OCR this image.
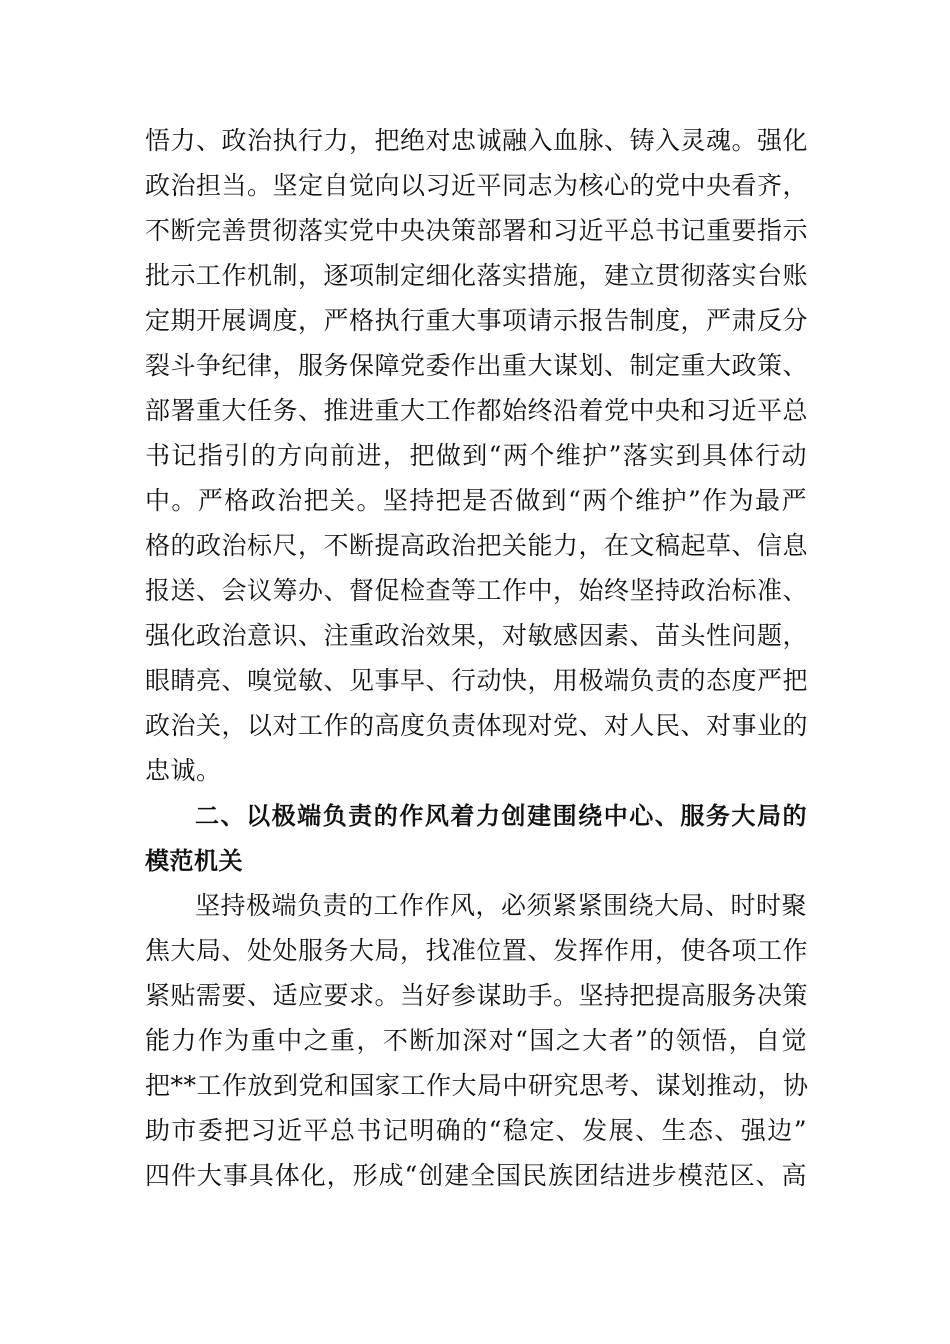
悟力、政治执行力，把绝对忠诚融入血脉、铸入灵魂。强化
政治担当。坚定自觉向以习近平同志为核心的党中央看齐，
不断完善贯彻落实党中央决策部署和习近平总书记重要指示
批示工作机制，逐项制定细化落实措施，建立贯彻落实台账
定期开展调度，严格执行重大事项请示报告制度，严肃反分
裂斗争纪律，服务保障党委作出重大谋划、制定重大政策、
部署重大任务、推进重大工作都始终沿着党中央和习近平总
书记指引的方向前进，把做到“两个维护”落实到具体行动
中。严格政治把关。坚持把是否做到“两个维护”作为最严
格的政治标尺，不断提高政治把关能力，在文稿起草、信息
报送、会议筹办、督促检查等工作中，始终坚持政治标准、
强化政治意识、注重政治效果，对敏感因素、苗头性问题，
眼睛亮、嗅觉敏、见事早、行动快，用极端负责的态度严把
政治关，以对工作的高度负责体现对党、对人民、对事业的
忠诚。
二、以极端负责的作风着力创建围绕中心、服务大局的
模范机关
坚持极端负责的工作作风，必须紧紧围绕大局、时时聚
焦大局、处处服务大局，找准位置、发挥作用，使各项工作
紧贴需要、适应要求。当好参谋助手。坚持把提高服务决策
能力作为重中之重，不断加深对“国之大者”的领悟，自觉
把**工作放到党和国家工作大局中研究思考、谋划推动，协
助市委把习近平总书记明确的“稳定、发展、生态、强边”
四件大事具体化，形成“创建全国民族团结进步模范区、高
